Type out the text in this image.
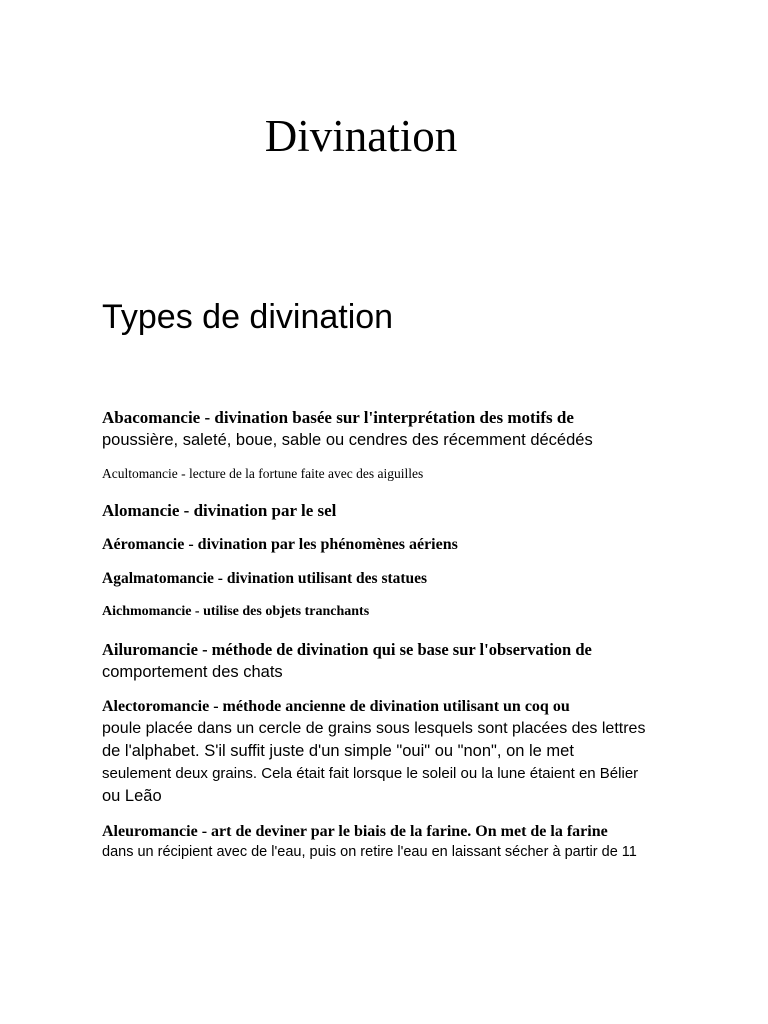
Divination
Types de divination

Abacomancie - divination basée sur l'interprétation des motifs de
poussière, saleté, boue, sable ou cendres des récemment décédés

Acultomancie - lecture de la fortune faite avec des aiguilles

Alomancie - divination par le sel

Aéromancie - divination par les phénomènes aériens

Agalmatomancie - divination utilisant des statues

Aichmomancie - utilise des objets tranchants

Ailuromancie - méthode de divination qui se base sur l'observation de
comportement des chats

Alectoromancie - méthode ancienne de divination utilisant un coq ou
poule placée dans un cercle de grains sous lesquels sont placées des lettres
de l'alphabet. S'il suffit juste d'un simple "oui" ou "non", on le met
seulement deux grains. Cela était fait lorsque le soleil ou la lune étaient en Bélier
ou Leão

Aleuromancie - art de deviner par le biais de la farine. On met de la farine
dans un récipient avec de l'eau, puis on retire l'eau en laissant sécher à partir de 11
